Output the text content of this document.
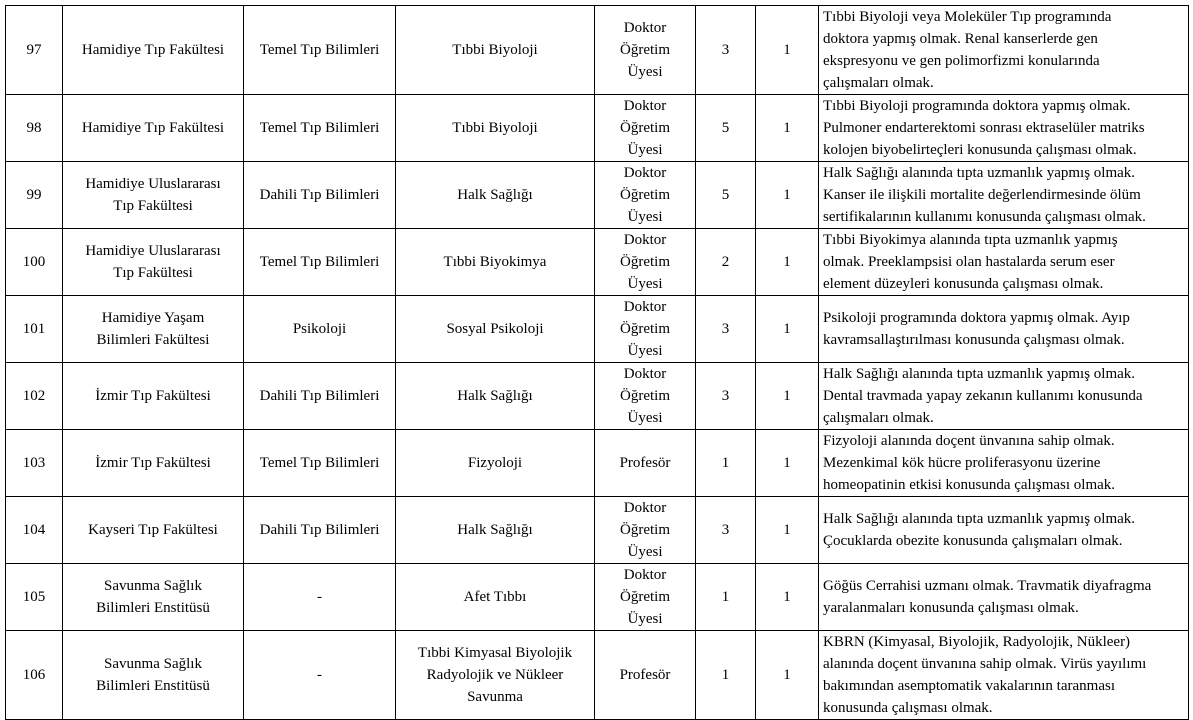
97	Hamidiye Tıp Fakültesi	Temel Tıp Bilimleri	Tıbbi Biyoloji	Doktor
Öğretim
Üyesi	3	1	Tıbbi Biyoloji veya Moleküler Tıp programında
doktora yapmış olmak. Renal kanserlerde gen
ekspresyonu ve gen polimorfizmi konularında
çalışmaları olmak.
98	Hamidiye Tıp Fakültesi	Temel Tıp Bilimleri	Tıbbi Biyoloji	Doktor
Öğretim
Üyesi	5	1	Tıbbi Biyoloji programında doktora yapmış olmak.
Pulmoner endarterektomi sonrası ektraselüler matriks
kolojen biyobelirteçleri konusunda çalışması olmak.
99	Hamidiye Uluslararası
Tıp Fakültesi	Dahili Tıp Bilimleri	Halk Sağlığı	Doktor
Öğretim
Üyesi	5	1	Halk Sağlığı alanında tıpta uzmanlık yapmış olmak.
Kanser ile ilişkili mortalite değerlendirmesinde ölüm
sertifikalarının kullanımı konusunda çalışması olmak.
100	Hamidiye Uluslararası
Tıp Fakültesi	Temel Tıp Bilimleri	Tıbbi Biyokimya	Doktor
Öğretim
Üyesi	2	1	Tıbbi Biyokimya alanında tıpta uzmanlık yapmış
olmak. Preeklampsisi olan hastalarda serum eser
element düzeyleri konusunda çalışması olmak.
101	Hamidiye Yaşam
Bilimleri Fakültesi	Psikoloji	Sosyal Psikoloji	Doktor
Öğretim
Üyesi	3	1	Psikoloji programında doktora yapmış olmak. Ayıp
kavramsallaştırılması konusunda çalışması olmak.
102	İzmir Tıp Fakültesi	Dahili Tıp Bilimleri	Halk Sağlığı	Doktor
Öğretim
Üyesi	3	1	Halk Sağlığı alanında tıpta uzmanlık yapmış olmak.
Dental travmada yapay zekanın kullanımı konusunda
çalışmaları olmak.
103	İzmir Tıp Fakültesi	Temel Tıp Bilimleri	Fizyoloji	Profesör	1	1	Fizyoloji alanında doçent ünvanına sahip olmak.
Mezenkimal kök hücre proliferasyonu üzerine
homeopatinin etkisi konusunda çalışması olmak.
104	Kayseri Tıp Fakültesi	Dahili Tıp Bilimleri	Halk Sağlığı	Doktor
Öğretim
Üyesi	3	1	Halk Sağlığı alanında tıpta uzmanlık yapmış olmak.
Çocuklarda obezite konusunda çalışmaları olmak.
105	Savunma Sağlık
Bilimleri Enstitüsü	-	Afet Tıbbı	Doktor
Öğretim
Üyesi	1	1	Göğüs Cerrahisi uzmanı olmak. Travmatik diyafragma
yaralanmaları konusunda çalışması olmak.
106	Savunma Sağlık
Bilimleri Enstitüsü	-	Tıbbi Kimyasal Biyolojik
Radyolojik ve Nükleer
Savunma	Profesör	1	1	KBRN (Kimyasal, Biyolojik, Radyolojik, Nükleer)
alanında doçent ünvanına sahip olmak. Virüs yayılımı
bakımından asemptomatik vakalarının taranması
konusunda çalışması olmak.
